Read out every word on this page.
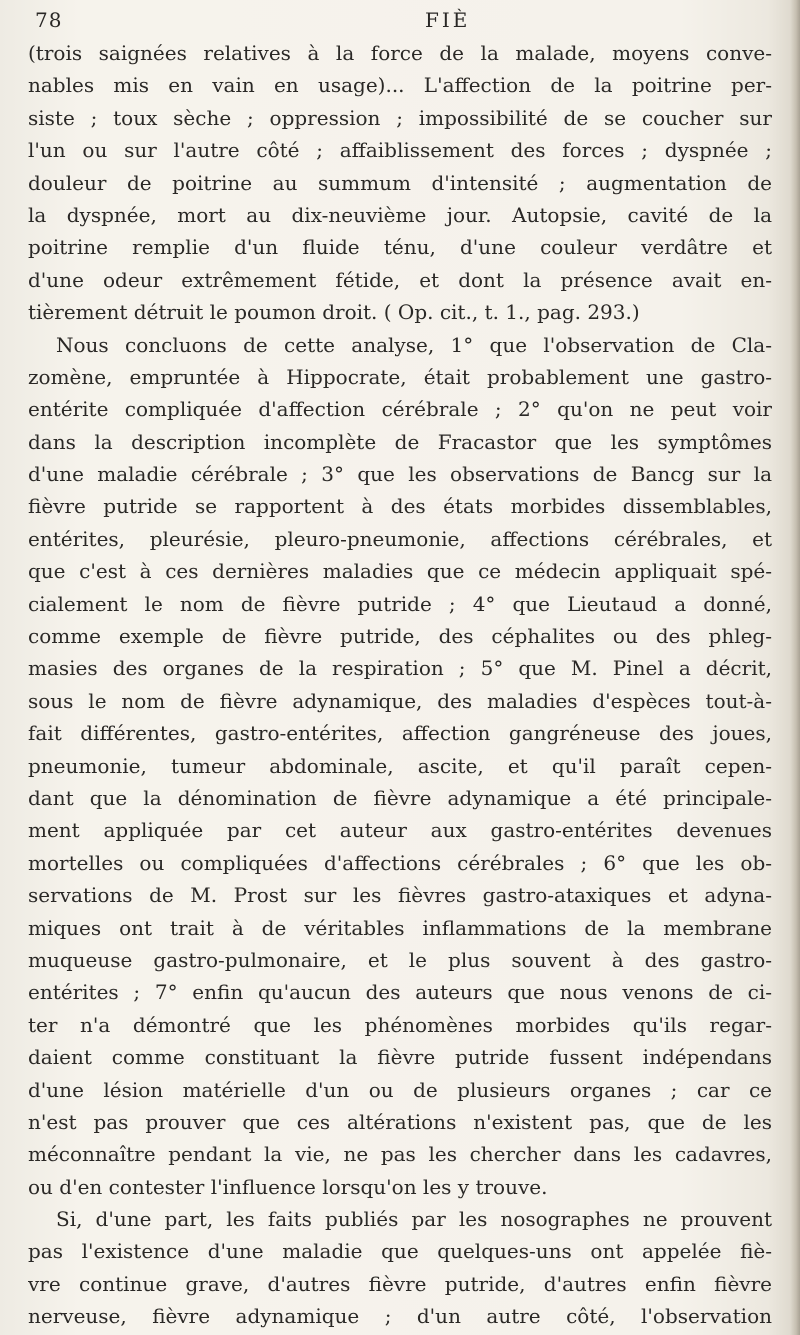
78	FIÈ
(trois saignées relatives à la force de la malade, moyens conve-
nables mis en vain en usage)... L'affection de la poitrine per-
siste ; toux sèche ; oppression ; impossibilité de se coucher sur
l'un ou sur l'autre côté ; affaiblissement des forces ; dyspnée ;
douleur de poitrine au summum d'intensité ; augmentation de
la dyspnée, mort au dix-neuvième jour. Autopsie, cavité de la
poitrine remplie d'un fluide ténu, d'une couleur verdâtre et
d'une odeur extrêmement fétide, et dont la présence avait en-
tièrement détruit le poumon droit. ( Op. cit., t. 1., pag. 293.)
Nous concluons de cette analyse, 1° que l'observation de Cla-
zomène, empruntée à Hippocrate, était probablement une gastro-
entérite compliquée d'affection cérébrale ; 2° qu'on ne peut voir
dans la description incomplète de Fracastor que les symptômes
d'une maladie cérébrale ; 3° que les observations de Bancg sur la
fièvre putride se rapportent à des états morbides dissemblables,
entérites, pleurésie, pleuro-pneumonie, affections cérébrales, et
que c'est à ces dernières maladies que ce médecin appliquait spé-
cialement le nom de fièvre putride ; 4° que Lieutaud a donné,
comme exemple de fièvre putride, des céphalites ou des phleg-
masies des organes de la respiration ; 5° que M. Pinel a décrit,
sous le nom de fièvre adynamique, des maladies d'espèces tout-à-
fait différentes, gastro-entérites, affection gangréneuse des joues,
pneumonie, tumeur abdominale, ascite, et qu'il paraît cepen-
dant que la dénomination de fièvre adynamique a été principale-
ment appliquée par cet auteur aux gastro-entérites devenues
mortelles ou compliquées d'affections cérébrales ; 6° que les ob-
servations de M. Prost sur les fièvres gastro-ataxiques et adyna-
miques ont trait à de véritables inflammations de la membrane
muqueuse gastro-pulmonaire, et le plus souvent à des gastro-
entérites ; 7° enfin qu'aucun des auteurs que nous venons de ci-
ter n'a démontré que les phénomènes morbides qu'ils regar-
daient comme constituant la fièvre putride fussent indépendans
d'une lésion matérielle d'un ou de plusieurs organes ; car ce
n'est pas prouver que ces altérations n'existent pas, que de les
méconnaître pendant la vie, ne pas les chercher dans les cadavres,
ou d'en contester l'influence lorsqu'on les y trouve.
Si, d'une part, les faits publiés par les nosographes ne prouvent
pas l'existence d'une maladie que quelques-uns ont appelée fiè-
vre continue grave, d'autres fièvre putride, d'autres enfin fièvre
nerveuse, fièvre adynamique ; d'un autre côté, l'observation
